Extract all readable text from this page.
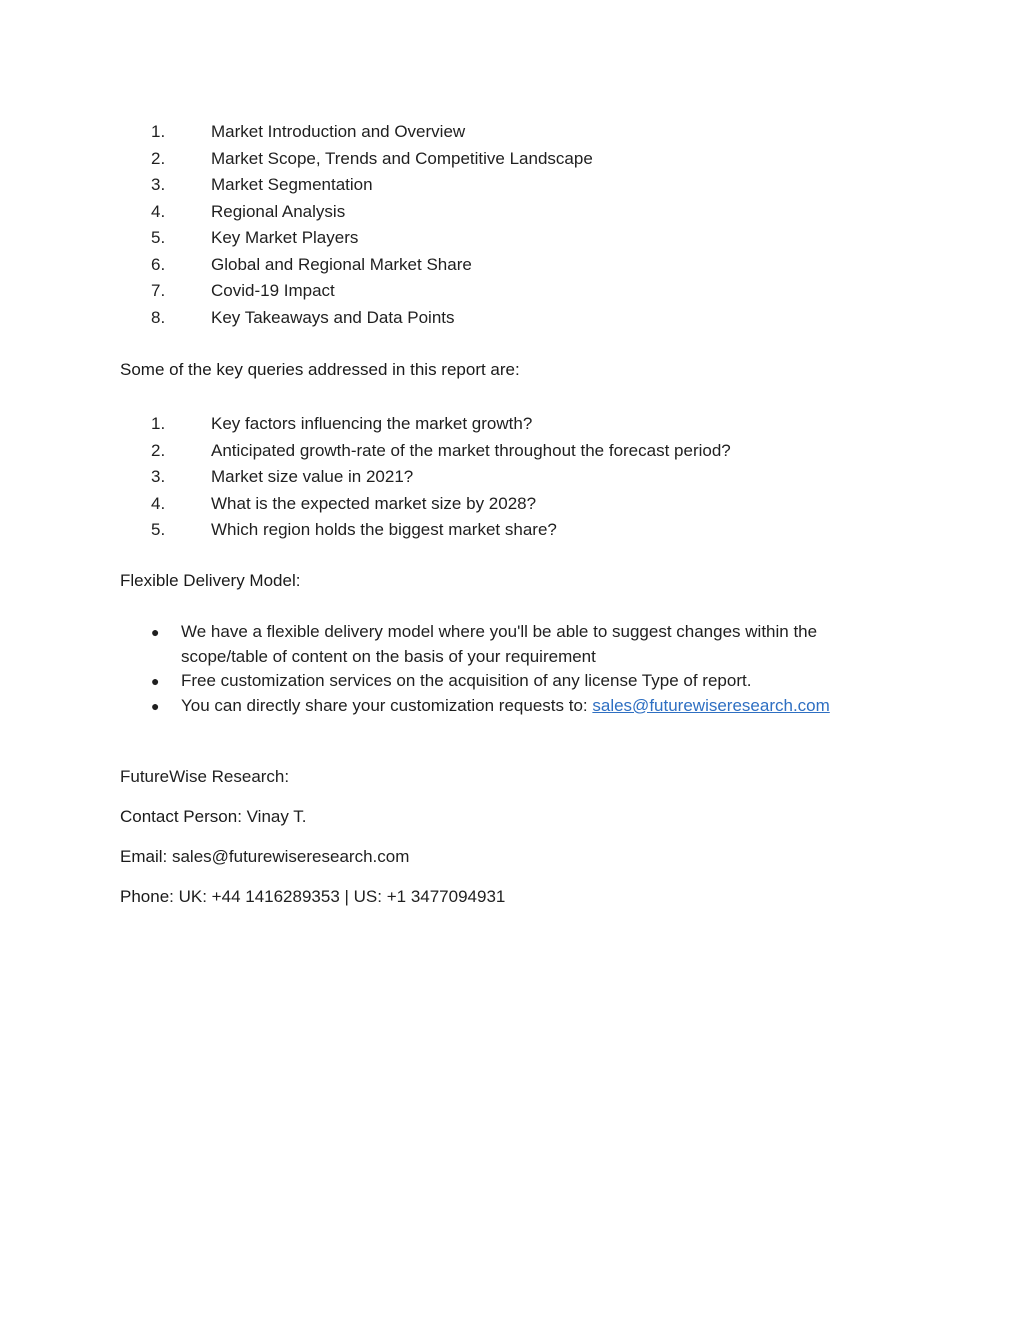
1.	Market Introduction and Overview
2.	Market Scope, Trends and Competitive Landscape
3.	Market Segmentation
4.	Regional Analysis
5.	Key Market Players
6.	Global and Regional Market Share
7.	Covid-19 Impact
8.	Key Takeaways and Data Points
Some of the key queries addressed in this report are:
1.	Key factors influencing the market growth?
2.	Anticipated growth-rate of the market throughout the forecast period?
3.	Market size value in 2021?
4.	What is the expected market size by 2028?
5.	Which region holds the biggest market share?
Flexible Delivery Model:
● We have a flexible delivery model where you'll be able to suggest changes within the scope/table of content on the basis of your requirement
● Free customization services on the acquisition of any license Type of report.
● You can directly share your customization requests to: sales@futurewiseresearch.com
FutureWise Research:
Contact Person: Vinay T.
Email: sales@futurewiseresearch.com
Phone: UK: +44 1416289353 | US: +1 3477094931
